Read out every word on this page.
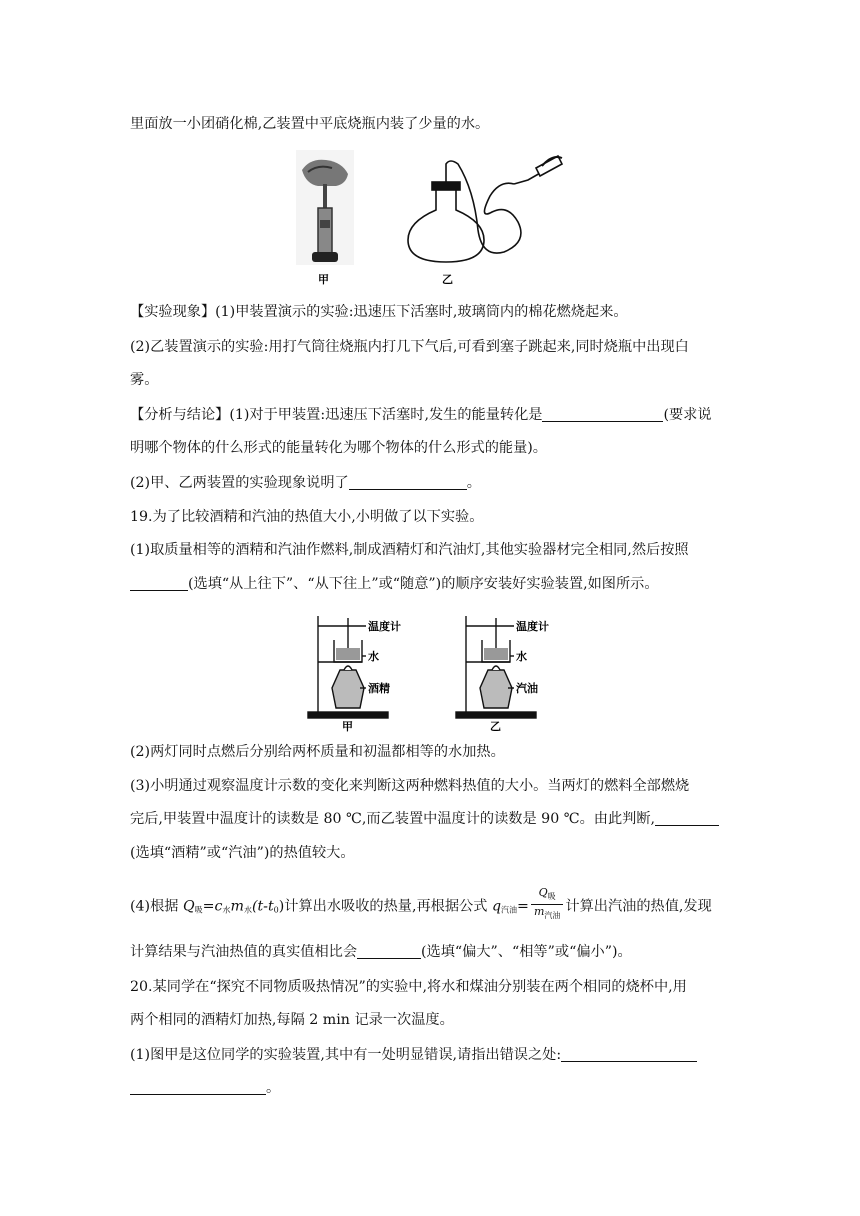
里面放一小团硝化棉,乙装置中平底烧瓶内装了少量的水。
甲	乙
【实验现象】(1)甲装置演示的实验:迅速压下活塞时,玻璃筒内的棉花燃烧起来。
(2)乙装置演示的实验:用打气筒往烧瓶内打几下气后,可看到塞子跳起来,同时烧瓶中出现白
雾。
【分析与结论】(1)对于甲装置:迅速压下活塞时,发生的能量转化是	(要求说
明哪个物体的什么形式的能量转化为哪个物体的什么形式的能量)。
(2)甲、乙两装置的实验现象说明了	。
19.为了比较酒精和汽油的热值大小,小明做了以下实验。
(1)取质量相等的酒精和汽油作燃料,制成酒精灯和汽油灯,其他实验器材完全相同,然后按照
(选填“从上往下”、“从下往上”或“随意”)的顺序安装好实验装置,如图所示。
温度计
水
酒精
甲
温度计
水
汽油
乙
(2)两灯同时点燃后分别给两杯质量和初温都相等的水加热。
(3)小明通过观察温度计示数的变化来判断这两种燃料热值的大小。当两灯的燃料全部燃烧
完后,甲装置中温度计的读数是 80 ℃,而乙装置中温度计的读数是 90 ℃。由此判断,
(选填“酒精”或“汽油”)的热值较大。
(4)根据 $Q_吸=c_水m_水(t-t_0)$计算出水吸收的热量,再根据公式 $q_{汽油}= \frac{Q_吸}{m_{汽油}}$ 计算出汽油的热值,发现
计算结果与汽油热值的真实值相比会	(选填“偏大”、“相等”或“偏小”)。
20.某同学在“探究不同物质吸热情况”的实验中,将水和煤油分别装在两个相同的烧杯中,用
两个相同的酒精灯加热,每隔 2 min 记录一次温度。
(1)图甲是这位同学的实验装置,其中有一处明显错误,请指出错误之处:
。
